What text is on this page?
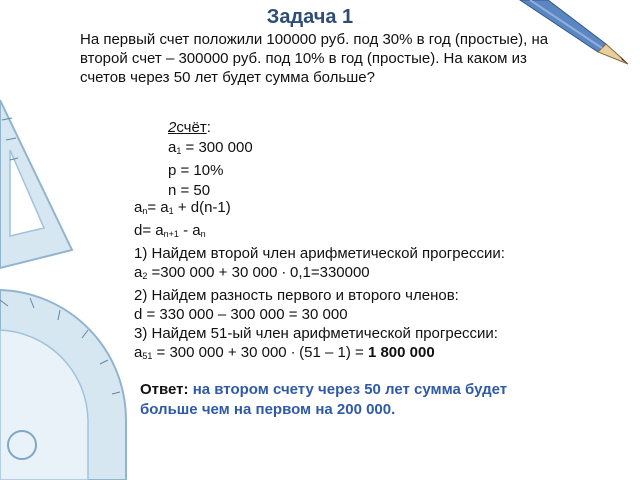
Задача 1
На первый счет положили 100000 руб. под 30% в год (простые), на второй счет – 300000 руб. под 10% в год (простые). На каком из счетов через 50 лет будет сумма больше?
2счёт:
$a_1 = 300$ 000
p = 10%
n = 50
$a_n= a_1 + d(n-1)$
$d= a_{n+1} - a_n$
1) Найдем второй член арифметической прогрессии:
$a_2 =300$ 000 + 30 000 ∙ 0,1=330000
2) Найдем разность первого и второго членов:
d = 330 000 – 300 000 = 30 000
3) Найдем 51-ый член арифметической прогрессии:
$a_{51} = 300$ 000 + 30 000 ∙ (51 – 1) = 1 800 000
Ответ: на втором счету через 50 лет сумма будет больше чем на первом на 200 000.
